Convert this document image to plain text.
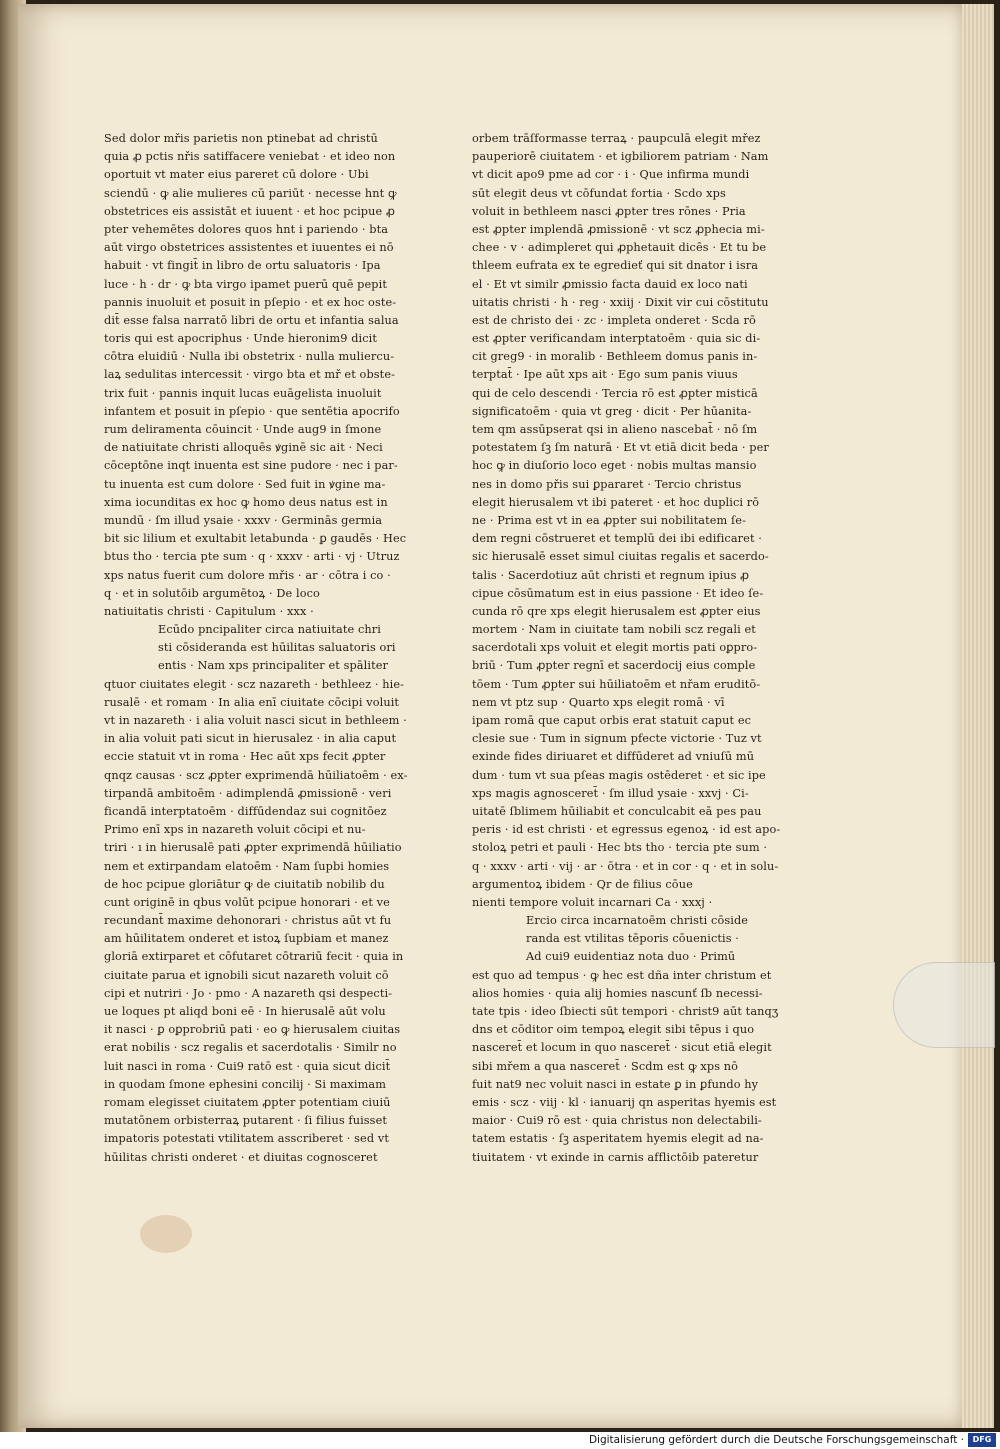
Sed dolor mřis parietis non ptinebat ad christū
quia ꝓ pctis nřis satiffacere veniebat · et ideo non
oportuit vt mater eius pareret cū dolore · Ubi
sciendū · ꝙ alie mulieres cū pariūt · necesse hnt ꝙ
obstetrices eis assistāt et iuuent · et hoc pcipue ꝓ
pter vehemētes dolores quos hnt i pariendo · bta
aūt virgo obstetrices assistentes et iuuentes ei nō
habuit · vt fingit̄ in libro de ortu saluatoris · Ipa
luce · h · dr · ꝙ bta virgo ipamet puerū quē pepit
pannis inuoluit et posuit in pſepio · et ex hoc oste-
dit̄ esse falsa narratō libri de ortu et infantia salua
toris qui est apocriphus · Unde hieronim9 dicit
cōtra eluidiū · Nulla ibi obstetrix · nulla muliercu-
laꝝ sedulitas intercessit · virgo bta et mř et obste-
trix fuit · pannis inquit lucas euāgelista inuoluit
infantem et posuit in pſepio · que sentētia apocrifo
rum deliramenta cōuincit · Unde aug9 in ſmone
de natiuitate christi alloquēs ꝟginē sic ait · Neci
cōceptōne inqt inuenta est sine pudore · nec i par-
tu inuenta est cum dolore · Sed fuit in ꝟgine ma-
xima iocunditas ex hoc ꝙ homo deus natus est in
mundū · ſm illud ysaie · xxxv · Germinās germia
bit sic lilium et exultabit letabunda · ꝑ gaudēs · Hec
btus tho · tercia pte sum · q · xxxv · arti · vj · Utruz
xps natus fuerit cum dolore mřis · ar · cōtra i co ·
q · et in solutōib argumētoꝝ · De loco
natiuitatis christi · Capitulum · xxx ·
Ecūdo pncipaliter circa natiuitate chri
sti cōsideranda est hūilitas saluatoris ori
entis · Nam xps principaliter et spāliter
qtuor ciuitates elegit · scz nazareth · bethleez · hie-
rusalē · et romam · In alia enī ciuitate cōcipi voluit
vt in nazareth · i alia voluit nasci sicut in bethleem ·
in alia voluit pati sicut in hierusalez · in alia caput
eccie statuit vt in roma · Hec aūt xps fecit ꝓpter
qnqz causas · scz ꝓpter exprimendā hūiliatoēm · ex-
tirpandā ambitoēm · adimplendā ꝓmissionē · veri
ficandā interptatoēm · diffūdendaz sui cognitōez
Primo enī xps in nazareth voluit cōcipi et nu-
triri · ı in hierusalē pati ꝓpter exprimendā hūiliatio
nem et extirpandam elatoēm · Nam ſupbi homies
de hoc pcipue gloriātur ꝙ de ciuitatib nobilib du
cunt originē in qbus volūt pcipue honorari · et ve
recundant̄ maxime dehonorari · christus aūt vt fu
am hūilitatem onderet et istoꝝ ſupbiam et manez
gloriā extirparet et cōfutaret cōtrariū fecit · quia in
ciuitate parua et ignobili sicut nazareth voluit cō
cipi et nutriri · Jo · pmo · A nazareth qsi despecti-
ue loques pt aliqd boni eē · In hierusalē aūt volu
it nasci · ꝑ oꝑprobriū pati · eo ꝙ hierusalem ciuitas
erat nobilis · scz regalis et sacerdotalis · Similr no
luit nasci in roma · Cui9 ratō est · quia sicut dicit̄
in quodam ſmone ephesini concilij · Si maximam
romam elegisset ciuitatem ꝓpter potentiam ciuiū
mutatōnem orbisterraꝝ putarent · ſi filius fuisset
impatoris potestati vtilitatem asscriberet · sed vt
hūilitas christi onderet · et diuitas cognosceret
orbem trāſformasse terraꝝ · paupculā elegit mřez
pauperiorē ciuitatem · et igbiliorem patriam · Nam
vt dicit apo9 pme ad cor · i · Que infirma mundi
sūt elegit deus vt cōfundat fortia · Scdo xps
voluit in bethleem nasci ꝓpter tres rōnes · Pria
est ꝓpter implendā ꝓmissionē · vt scz ꝓphecia mi-
chee · v · adimpleret qui ꝓphetauit dicēs · Et tu be
thleem eufrata ex te egredieť qui sit dnator i isra
el · Et vt similr ꝓmissio facta dauid ex loco nati
uitatis christi · h · reg · xxiij · Dixit vir cui cōstitutu
est de christo dei · zc · impleta onderet · Scda rō
est ꝓpter verificandam interptatoēm · quia sic di-
cit greg9 · in moralib · Bethleem domus panis in-
terptat̄ · Ipe aūt xps ait · Ego sum panis viuus
qui de celo descendi · Tercia rō est ꝓpter misticā
significatoēm · quia vt greg · dicit · Per hūanita-
tem qm assūpserat qsi in alieno nascebat̄ · nō ſm
potestatem ſꝫ ſm naturā · Et vt etiā dicit beda · per
hoc ꝙ in diuſorio loco eget · nobis multas mansio
nes in domo přis sui ꝑpararet · Tercio christus
elegit hierusalem vt ibi pateret · et hoc duplici rō
ne · Prima est vt in ea ꝓpter sui nobilitatem ſe-
dem regni cōstrueret et templū dei ibi edificaret ·
sic hierusalē esset simul ciuitas regalis et sacerdo-
talis · Sacerdotiuz aūt christi et regnum ipius ꝓ
cipue cōsūmatum est in eius passione · Et ideo ſe-
cunda rō qre xps elegit hierusalem est ꝓpter eius
mortem · Nam in ciuitate tam nobili scz regali et
sacerdotali xps voluit et elegit mortis pati oꝑpro-
briū · Tum ꝓpter regnī et sacerdocij eius comple
tōem · Tum ꝓpter sui hūiliatoēm et nřam eruditō-
nem vt ptz sup · Quarto xps elegit romā · vī
ipam romā que caput orbis erat statuit caput ec
clesie sue · Tum in signum pfecte victorie · Tuz vt
exinde fides diriuaret et diffūderet ad vniuſū mū
dum · tum vt sua pſeas magis ostēderet · et sic ipe
xps magis agnosceret̄ · ſm illud ysaie · xxvj · Ci-
uitatē ſblimem hūiliabit et conculcabit eā pes pau
peris · id est christi · et egressus egenoꝝ · id est apo-
stoloꝝ petri et pauli · Hec bts tho · tercia pte sum ·
q · xxxv · arti · vij · ar · ōtra · et in cor · q · et in solu-
argumentoꝝ ibidem · Qr de filius cōue
nienti tempore voluit incarnari Ca · xxxj ·
Ercio circa incarnatoēm christi cōside
randa est vtilitas tēporis cōuenictis ·
Ad cui9 euidentiaz nota duo · Primū
est quo ad tempus · ꝙ hec est dña inter christum et
alios homies · quia alij homies nascunť ſb necessi-
tate tpis · ideo ſbiecti sūt tempori · christ9 aūt tanqʒ
dns et cōditor oim tempoꝝ elegit sibi tēpus i quo
nasceret̄ et locum in quo nasceret̄ · sicut etiā elegit
sibi mřem a qua nasceret̄ · Scdm est ꝙ xps nō
fuit nat9 nec voluit nasci in estate ꝑ in ꝑfundo hy
emis · scz · viij · kl · ianuarij qn asperitas hyemis est
maior · Cui9 rō est · quia christus non delectabili-
tatem estatis · ſꝫ asperitatem hyemis elegit ad na-
tiuitatem · vt exinde in carnis afflictōib pateretur
Digitalisierung gefördert durch die Deutsche Forschungsgemeinschaft ·	DFG
